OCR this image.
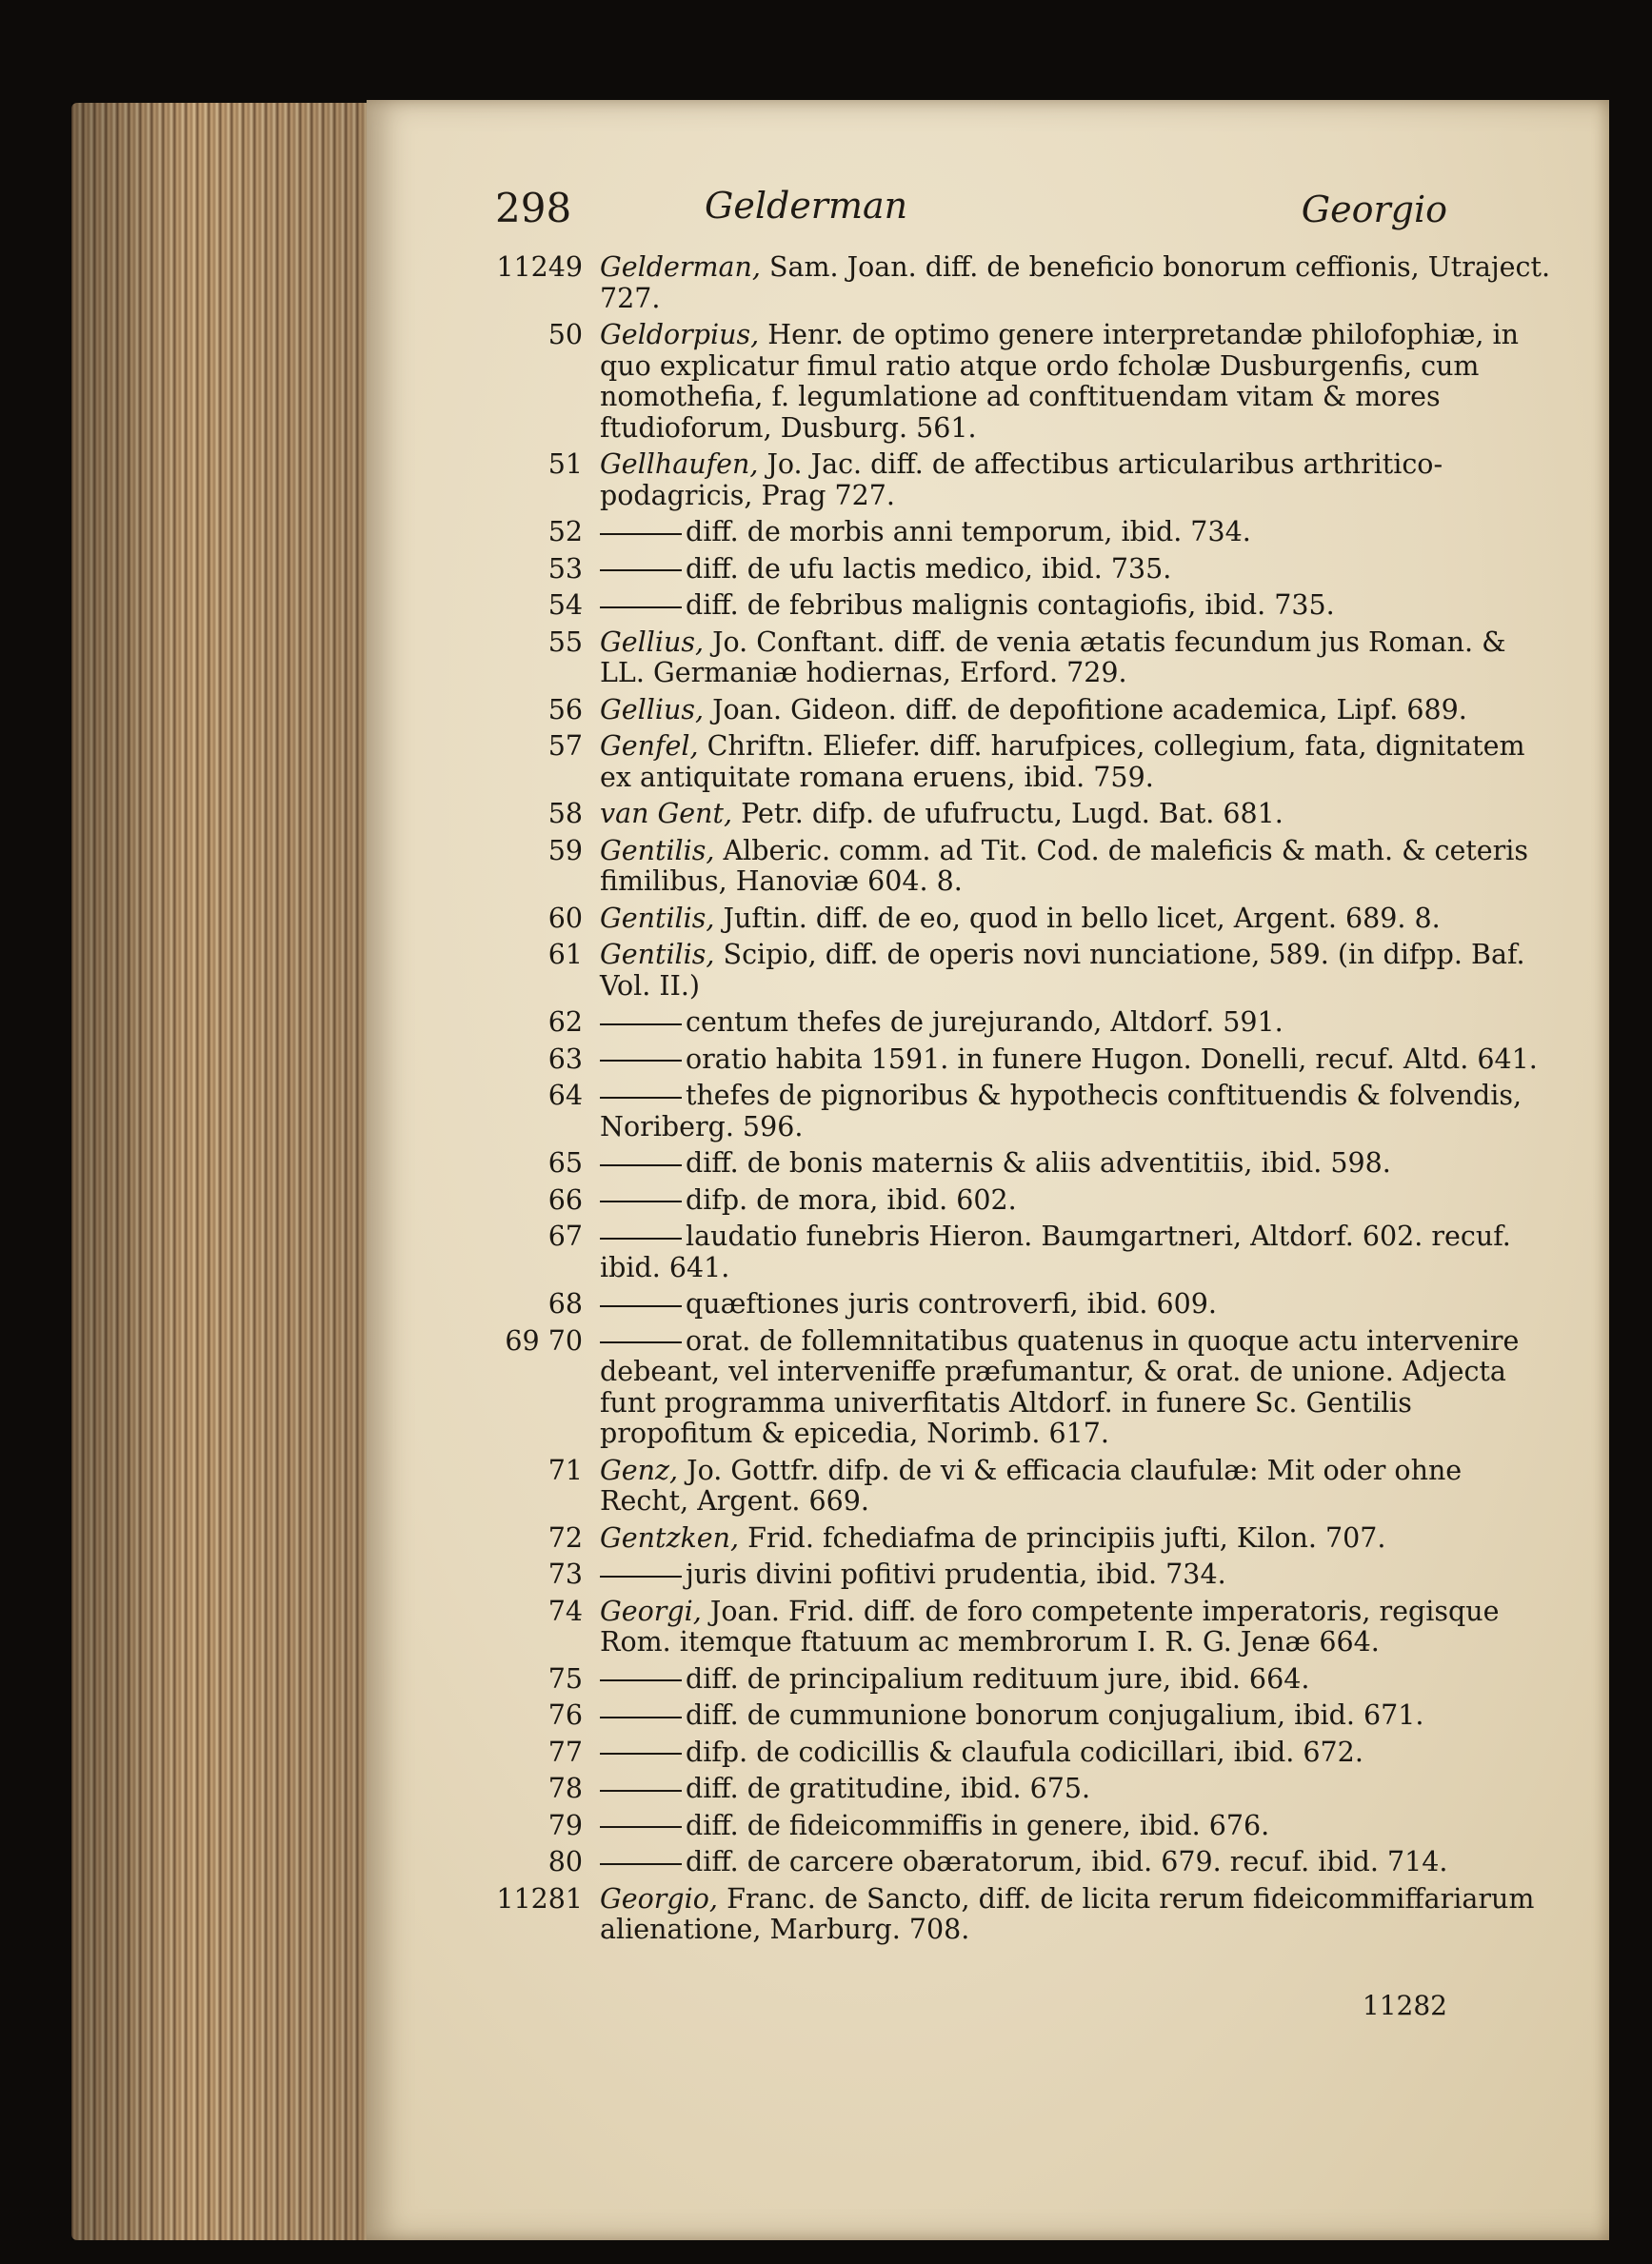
298	Gelderman	Georgio
11249 Gelderman, Sam. Joan. diff. de beneficio bonorum ceffionis, Utraject. 727.
50 Geldorpius, Henr. de optimo genere interpretandæ philofophiæ, in quo explicatur fimul ratio atque ordo fcholæ Dusburgenfis, cum nomothefia, f. legumlatione ad conftituendam vitam & mores ftudioforum, Dusburg. 561.
51 Gellhaufen, Jo. Jac. diff. de affectibus articularibus arthritico-podagricis, Prag 727.
52	diff. de morbis anni temporum, ibid. 734.
53	diff. de ufu lactis medico, ibid. 735.
54	diff. de febribus malignis contagiofis, ibid. 735.
55 Gellius, Jo. Conftant. diff. de venia ætatis fecundum jus Roman. & LL. Germaniæ hodiernas, Erford. 729.
56 Gellius, Joan. Gideon. diff. de depofitione academica, Lipf. 689.
57 Genfel, Chriftn. Eliefer. diff. harufpices, collegium, fata, dignitatem ex antiquitate romana eruens, ibid. 759.
58 van Gent, Petr. difp. de ufufructu, Lugd. Bat. 681.
59 Gentilis, Alberic. comm. ad Tit. Cod. de maleficis & math. & ceteris fimilibus, Hanoviæ 604. 8.
60 Gentilis, Juftin. diff. de eo, quod in bello licet, Argent. 689. 8.
61 Gentilis, Scipio, diff. de operis novi nunciatione, 589. (in difpp. Baf. Vol. II.)
62	centum thefes de jurejurando, Altdorf. 591.
63	oratio habita 1591. in funere Hugon. Donelli, recuf. Altd. 641.
64	thefes de pignoribus & hypothecis conftituendis & folvendis, Noriberg. 596.
65	diff. de bonis maternis & aliis adventitiis, ibid. 598.
66	difp. de mora, ibid. 602.
67	laudatio funebris Hieron. Baumgartneri, Altdorf. 602. recuf. ibid. 641.
68	quæftiones juris controverfi, ibid. 609.
69 70	orat. de follemnitatibus quatenus in quoque actu intervenire debeant, vel interveniffe præfumantur, & orat. de unione. Adjecta funt programma univerfitatis Altdorf. in funere Sc. Gentilis propofitum & epicedia, Norimb. 617.
71 Genz, Jo. Gottfr. difp. de vi & efficacia claufulæ: Mit oder ohne Recht, Argent. 669.
72 Gentzken, Frid. fchediafma de principiis jufti, Kilon. 707.
73	juris divini pofitivi prudentia, ibid. 734.
74 Georgi, Joan. Frid. diff. de foro competente imperatoris, regisque Rom. itemque ftatuum ac membrorum I. R. G. Jenæ 664.
75	diff. de principalium redituum jure, ibid. 664.
76	diff. de cummunione bonorum conjugalium, ibid. 671.
77	difp. de codicillis & claufula codicillari, ibid. 672.
78	diff. de gratitudine, ibid. 675.
79	diff. de fideicommiffis in genere, ibid. 676.
80	diff. de carcere obæratorum, ibid. 679. recuf. ibid. 714.
11281 Georgio, Franc. de Sancto, diff. de licita rerum fideicommiffariarum alienatione, Marburg. 708.
11282
